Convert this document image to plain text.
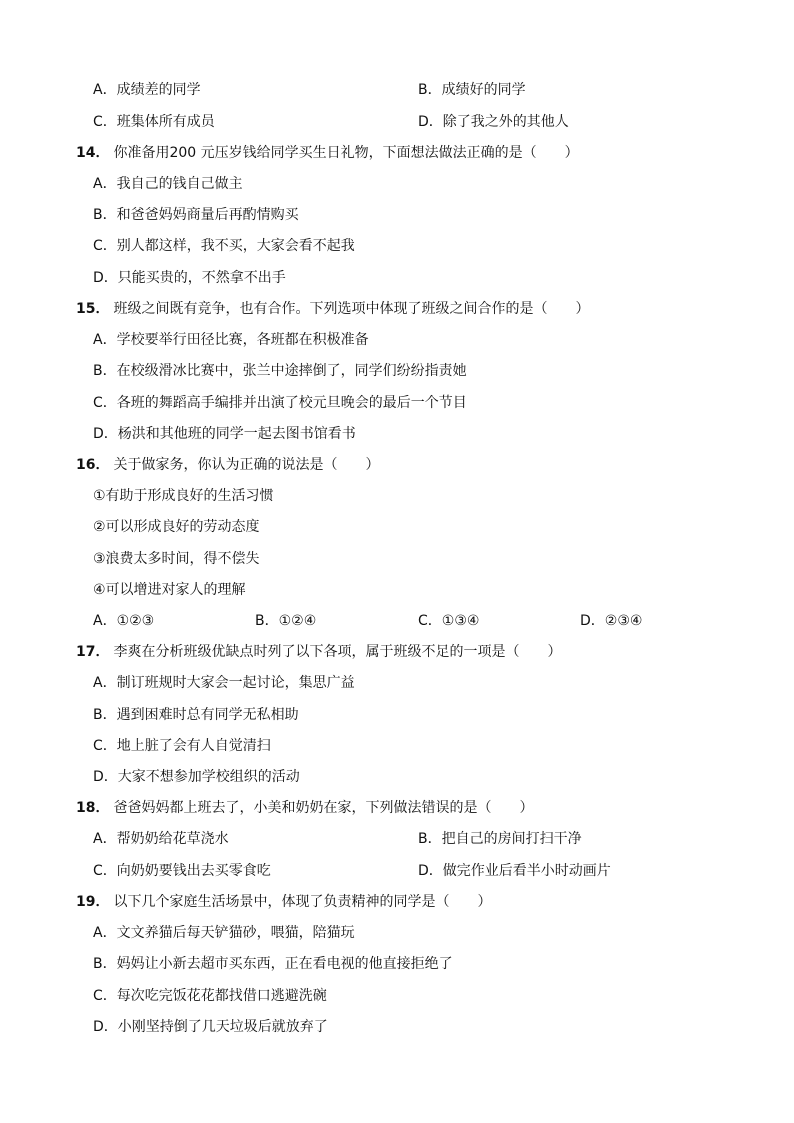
A．成绩差的同学	B．成绩好的同学
C．班集体所有成员	D．除了我之外的其他人
14． 你准备用200 元压岁钱给同学买生日礼物，下面想法做法正确的是（　　）
A．我自己的钱自己做主
B．和爸爸妈妈商量后再酌情购买
C．别人都这样，我不买，大家会看不起我
D．只能买贵的，不然拿不出手
15． 班级之间既有竞争，也有合作。下列选项中体现了班级之间合作的是（　　）
A．学校要举行田径比赛，各班都在积极准备
B．在校级滑冰比赛中，张兰中途摔倒了，同学们纷纷指责她
C．各班的舞蹈高手编排并出演了校元旦晚会的最后一个节目
D．杨洪和其他班的同学一起去图书馆看书
16． 关于做家务，你认为正确的说法是（　　）
①有助于形成良好的生活习惯
②可以形成良好的劳动态度
③浪费太多时间，得不偿失
④可以增进对家人的理解
A．①②③	B．①②④	C．①③④	D．②③④
17． 李爽在分析班级优缺点时列了以下各项，属于班级不足的一项是（　　）
A．制订班规时大家会一起讨论，集思广益
B．遇到困难时总有同学无私相助
C．地上脏了会有人自觉清扫
D．大家不想参加学校组织的活动
18． 爸爸妈妈都上班去了，小美和奶奶在家，下列做法错误的是（　　）
A．帮奶奶给花草浇水	B．把自己的房间打扫干净
C．向奶奶要钱出去买零食吃	D．做完作业后看半小时动画片
19． 以下几个家庭生活场景中，体现了负责精神的同学是（　　）
A．文文养猫后每天铲猫砂，喂猫，陪猫玩
B．妈妈让小新去超市买东西，正在看电视的他直接拒绝了
C．每次吃完饭花花都找借口逃避洗碗
D．小刚坚持倒了几天垃圾后就放弃了
